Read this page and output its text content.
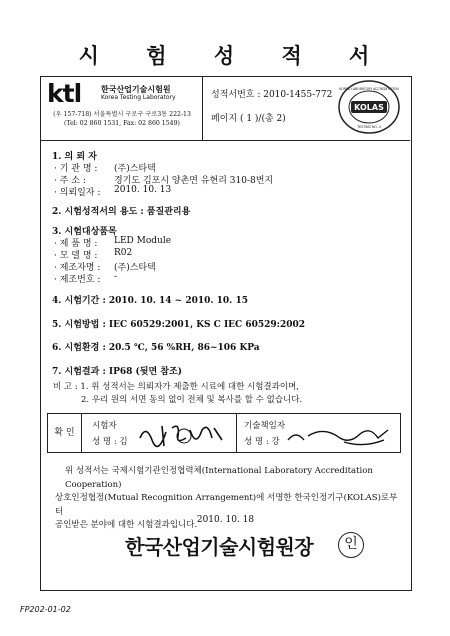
시 험 성 적 서
ktl 한국산업기술시험원
Korea Testing Laboratory
(우 157-718) 서울특별시 구로구 구로3동 222-13
(Tel: 02 860 1531, Fax: 02 860 1549)
성적서번호 : 2010-1455-772
페이지 ( 1 )/(총 2)
KOLAS
KOREA LABORATORY ACCREDITATION
TESTING NO. 4
1. 의 뢰 자
· 기 관 명 :	(주)스타텍
· 주 소 :	경기도 김포시 양촌면 유현리 310-8번지
· 의뢰일자 :	2010. 10. 13
2. 시험성적서의 용도 : 품질관리용
3. 시험대상품목
· 제 품 명 :	LED Module
· 모 델 명 :	R02
· 제조자명 :	(주)스타텍
· 제조번호 :	-
4. 시험기간 : 2010. 10. 14 ~ 2010. 10. 15
5. 시험방법 : IEC 60529:2001, KS C IEC 60529:2002
6. 시험환경 : 20.5 ℃, 56 %RH, 86~106 KPa
7. 시험결과 : IP68 (뒷면 참조)
비 고 : 1. 위 성적서는 의뢰자가 제출한 시료에 대한 시험결과이며,
2. 우리 원의 서면 동의 없이 전체 및 복사를 할 수 없습니다.
확 인
시험자
성 명 : 김
기술책임자
성 명 : 강
위 성적서는 국제시험기관인정협력체(International Laboratory Accreditation Cooperation)
상호인정협정(Mutual Recognition Arrangement)에 서명한 한국인정기구(KOLAS)로부터
공인받은 분야에 대한 시험결과입니다. 2010. 10. 18
한국산업기술시험원장	인
FP202-01-02
